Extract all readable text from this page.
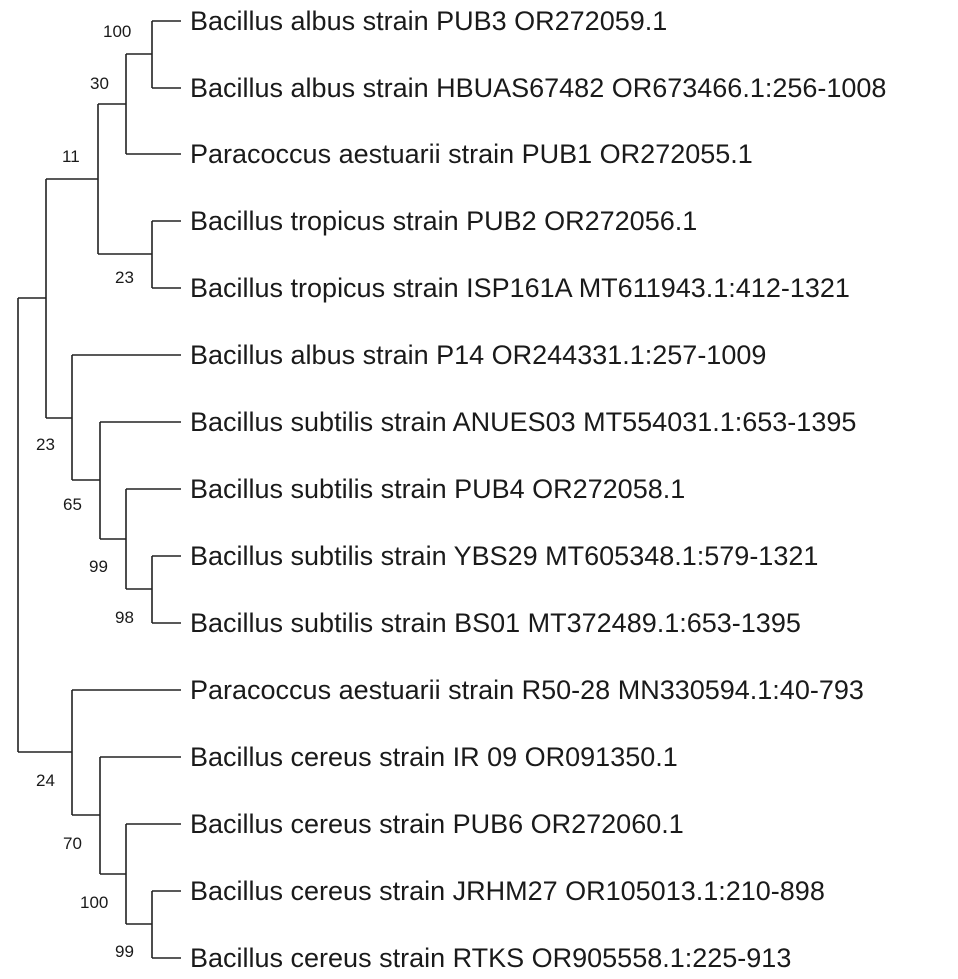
Bacillus albus strain PUB3 OR272059.1
Bacillus albus strain HBUAS67482 OR673466.1:256-1008
Paracoccus aestuarii strain PUB1 OR272055.1
Bacillus tropicus strain PUB2 OR272056.1
Bacillus tropicus strain ISP161A MT611943.1:412-1321
Bacillus albus strain P14 OR244331.1:257-1009
Bacillus subtilis strain ANUES03 MT554031.1:653-1395
Bacillus subtilis strain PUB4 OR272058.1
Bacillus subtilis strain YBS29 MT605348.1:579-1321
Bacillus subtilis strain BS01 MT372489.1:653-1395
Paracoccus aestuarii strain R50-28 MN330594.1:40-793
Bacillus cereus strain IR 09 OR091350.1
Bacillus cereus strain PUB6 OR272060.1
Bacillus cereus strain JRHM27 OR105013.1:210-898
Bacillus cereus strain RTKS OR905558.1:225-913
100
30
11
23
23
65
99
98
24
70
100
99
